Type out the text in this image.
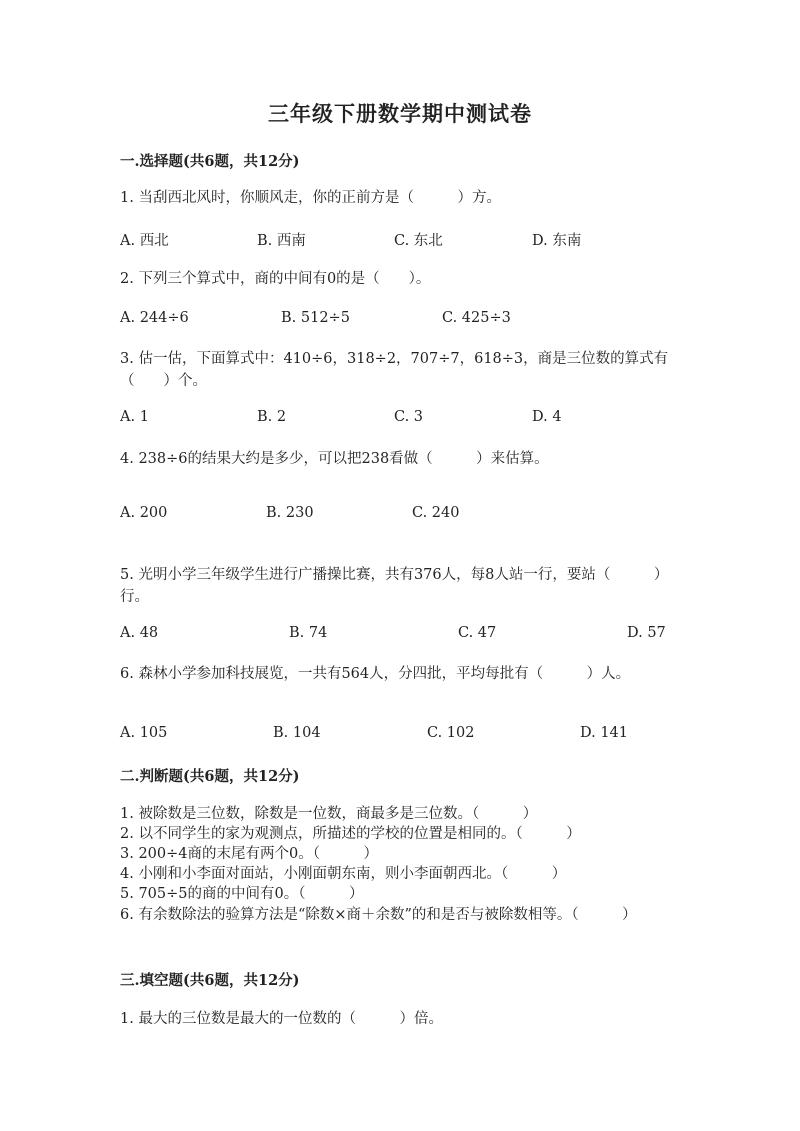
三年级下册数学期中测试卷
一.选择题(共6题，共12分)
1. 当刮西北风时，你顺风走，你的正前方是（　　　）方。
A. 西北	B. 西南	C. 东北	D. 东南
2. 下列三个算式中，商的中间有0的是（　　）。
A. 244÷6	B. 512÷5	C. 425÷3
3. 估一估，下面算式中：410÷6，318÷2，707÷7，618÷3，商是三位数的算式有（　　）个。
A. 1	B. 2	C. 3	D. 4
4. 238÷6的结果大约是多少，可以把238看做（　　　）来估算。
A. 200	B. 230	C. 240
5. 光明小学三年级学生进行广播操比赛，共有376人，每8人站一行，要站（　　　）行。
A. 48	B. 74	C. 47	D. 57
6. 森林小学参加科技展览，一共有564人，分四批，平均每批有（　　　）人。
A. 105	B. 104	C. 102	D. 141
二.判断题(共6题，共12分)
1. 被除数是三位数，除数是一位数，商最多是三位数。（　　　）
2. 以不同学生的家为观测点，所描述的学校的位置是相同的。（　　　）
3. 200÷4商的末尾有两个0。（　　　）
4. 小刚和小李面对面站，小刚面朝东南，则小李面朝西北。（　　　）
5. 705÷5的商的中间有0。（　　　）
6. 有余数除法的验算方法是“除数×商＋余数”的和是否与被除数相等。（　　　）
三.填空题(共6题，共12分)
1. 最大的三位数是最大的一位数的（　　　）倍。
